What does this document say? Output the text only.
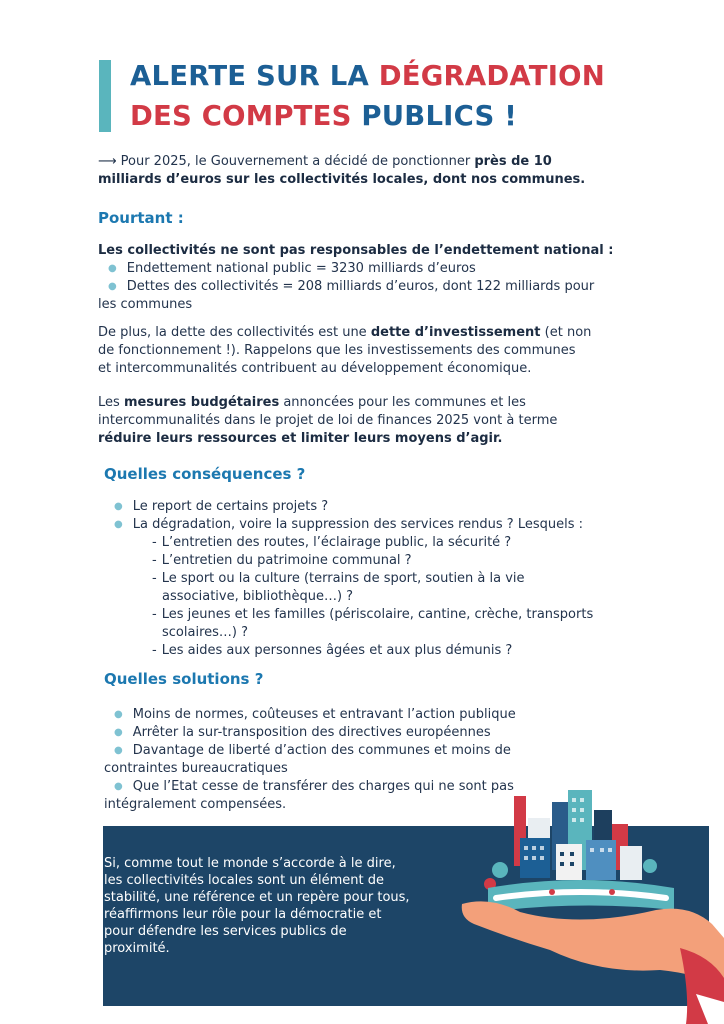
ALERTE SUR LA DÉGRADATION
DES COMPTES PUBLICS !
⟶ Pour 2025, le Gouvernement a décidé de ponctionner près de 10 milliards d’euros sur les collectivités locales, dont nos communes.
Pourtant :
Les collectivités ne sont pas responsables de l’endettement national :
● Endettement national public = 3230 milliards d’euros
● Dettes des collectivités = 208 milliards d’euros, dont 122 milliards pour
les communes
De plus, la dette des collectivités est une dette d’investissement (et non
de fonctionnement !). Rappelons que les investissements des communes
et intercommunalités contribuent au développement économique.
Les mesures budgétaires annoncées pour les communes et les
intercommunalités dans le projet de loi de finances 2025 vont à terme
réduire leurs ressources et limiter leurs moyens d’agir.
Quelles conséquences ?
● Le report de certains projets ?
● La dégradation, voire la suppression des services rendus ? Lesquels :
- L’entretien des routes, l’éclairage public, la sécurité ?
- L’entretien du patrimoine communal ?
- Le sport ou la culture (terrains de sport, soutien à la vie
associative, bibliothèque…) ?
- Les jeunes et les familles (périscolaire, cantine, crèche, transports
scolaires…) ?
- Les aides aux personnes âgées et aux plus démunis ?
Quelles solutions ?
● Moins de normes, coûteuses et entravant l’action publique
● Arrêter la sur-transposition des directives européennes
● Davantage de liberté d’action des communes et moins de
contraintes bureaucratiques
● Que l’Etat cesse de transférer des charges qui ne sont pas
intégralement compensées.
Si, comme tout le monde s’accorde à le dire,
les collectivités locales sont un élément de
stabilité, une référence et un repère pour tous,
réaffirmons leur rôle pour la démocratie et
pour défendre les services publics de
proximité.
